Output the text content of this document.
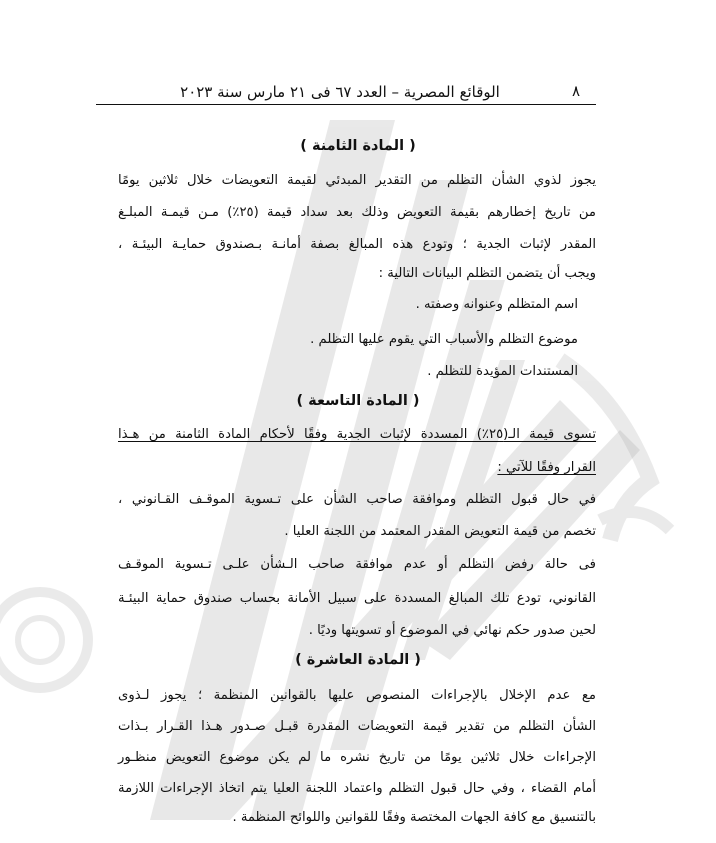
٨
الوقائع المصرية – العدد ٦٧ فى ٢١ مارس سنة ٢٠٢٣
( المادة الثامنة )
يجوز لذوي الشأن التظلم من التقدير المبدئي لقيمة التعويضات خلال ثلاثين يومًا
من تاريخ إخطارهم بقيمة التعويض وذلك بعد سداد قيمة (٢٥٪) مـن قيمـة المبلـغ
المقدر لإثبات الجدية ؛ وتودع هذه المبالغ بصفة أمانـة بـصندوق حمايـة البيئـة ،
ويجب أن يتضمن التظلم البيانات التالية :
اسم المتظلم وعنوانه وصفته .
موضوع التظلم والأسباب التي يقوم عليها التظلم .
المستندات المؤيدة للتظلم .
( المادة التاسعة )
تسوى قيمة الـ(٢٥٪) المسددة لإثبات الجدية وفقًا لأحكام المادة الثامنة من هـذا
القرار وفقًا للآتي :
في حال قبول التظلم وموافقة صاحب الشأن على تـسوية الموقـف القـانوني ،
تخصم من قيمة التعويض المقدر المعتمد من اللجنة العليا .
فى حالة رفض التظلم أو عدم موافقة صاحب الـشأن علـى تـسوية الموقـف
القانوني، تودع تلك المبالغ المسددة على سبيل الأمانة بحساب صندوق حماية البيئـة
لحين صدور حكم نهائي في الموضوع أو تسويتها وديًا .
( المادة العاشرة )
مع عدم الإخلال بالإجراءات المنصوص عليها بالقوانين المنظمة ؛ يجوز لـذوى
الشأن التظلم من تقدير قيمة التعويضات المقدرة قبـل صـدور هـذا القـرار بـذات
الإجراءات خلال ثلاثين يومًا من تاريخ نشره ما لم يكن موضوع التعويض منظـور
أمام القضاء ، وفي حال قبول التظلم واعتماد اللجنة العليا يتم اتخاذ الإجراءات اللازمة
بالتنسيق مع كافة الجهات المختصة وفقًا للقوانين واللوائح المنظمة .
